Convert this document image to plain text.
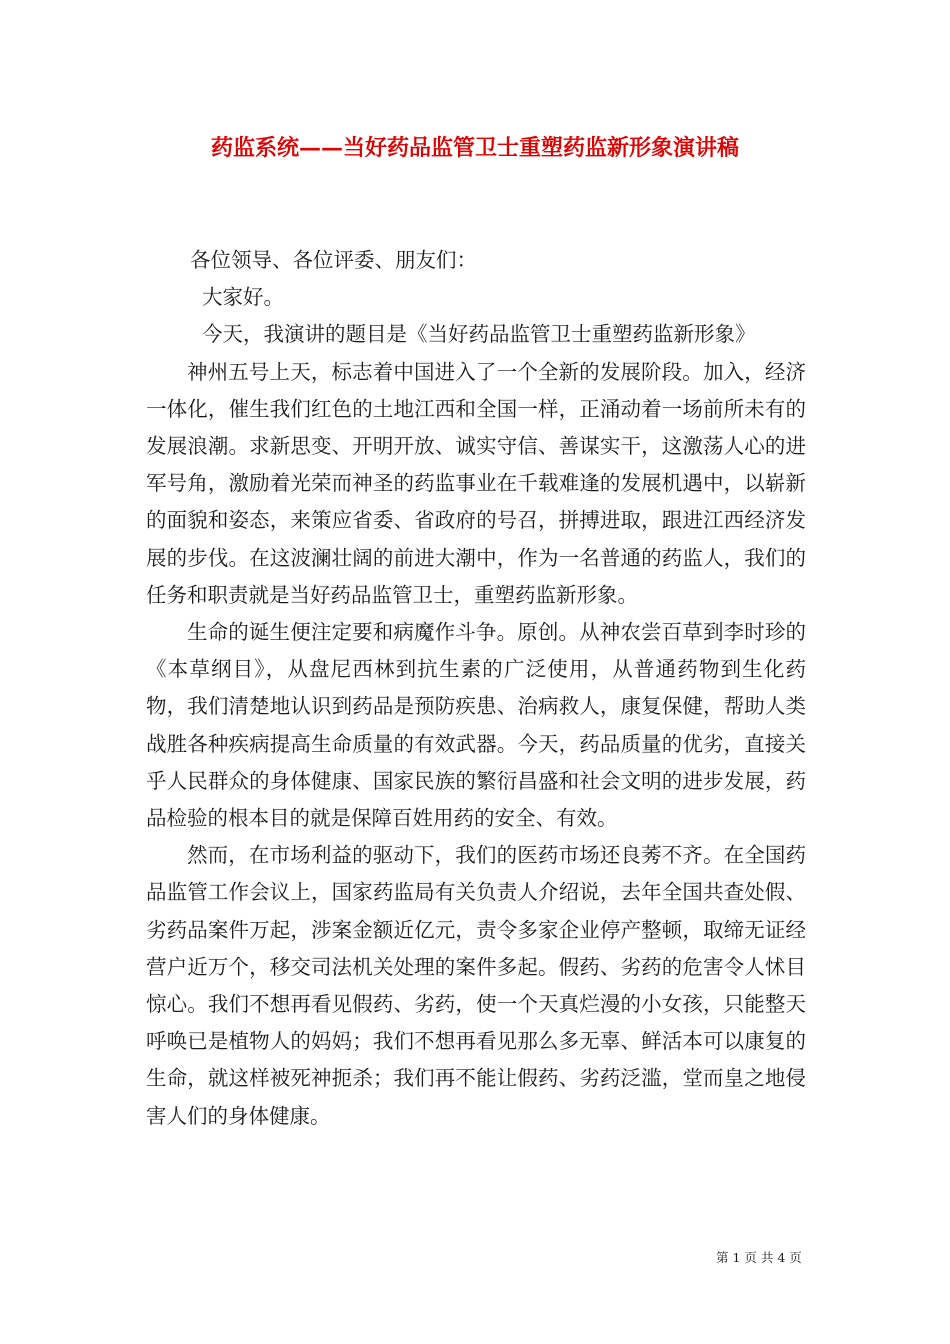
药监系统——当好药品监管卫士重塑药监新形象演讲稿

各位领导、各位评委、朋友们：

大家好。

今天，我演讲的题目是《当好药品监管卫士重塑药监新形象》

神州五号上天，标志着中国进入了一个全新的发展阶段。加入，经济一体化，催生我们红色的土地江西和全国一样，正涌动着一场前所未有的发展浪潮。求新思变、开明开放、诚实守信、善谋实干，这激荡人心的进军号角，激励着光荣而神圣的药监事业在千载难逢的发展机遇中，以崭新的面貌和姿态，来策应省委、省政府的号召，拼搏进取，跟进江西经济发展的步伐。在这波澜壮阔的前进大潮中，作为一名普通的药监人，我们的任务和职责就是当好药品监管卫士，重塑药监新形象。

生命的诞生便注定要和病魔作斗争。原创。从神农尝百草到李时珍的《本草纲目》，从盘尼西林到抗生素的广泛使用，从普通药物到生化药物，我们清楚地认识到药品是预防疾患、治病救人，康复保健，帮助人类战胜各种疾病提高生命质量的有效武器。今天，药品质量的优劣，直接关乎人民群众的身体健康、国家民族的繁衍昌盛和社会文明的进步发展，药品检验的根本目的就是保障百姓用药的安全、有效。

然而，在市场利益的驱动下，我们的医药市场还良莠不齐。在全国药品监管工作会议上，国家药监局有关负责人介绍说，去年全国共查处假、劣药品案件万起，涉案金额近亿元，责令多家企业停产整顿，取缔无证经营户近万个，移交司法机关处理的案件多起。假药、劣药的危害令人怵目惊心。我们不想再看见假药、劣药，使一个天真烂漫的小女孩，只能整天呼唤已是植物人的妈妈；我们不想再看见那么多无辜、鲜活本可以康复的生命，就这样被死神扼杀；我们再不能让假药、劣药泛滥，堂而皇之地侵害人们的身体健康。

第 1 页 共 4 页
